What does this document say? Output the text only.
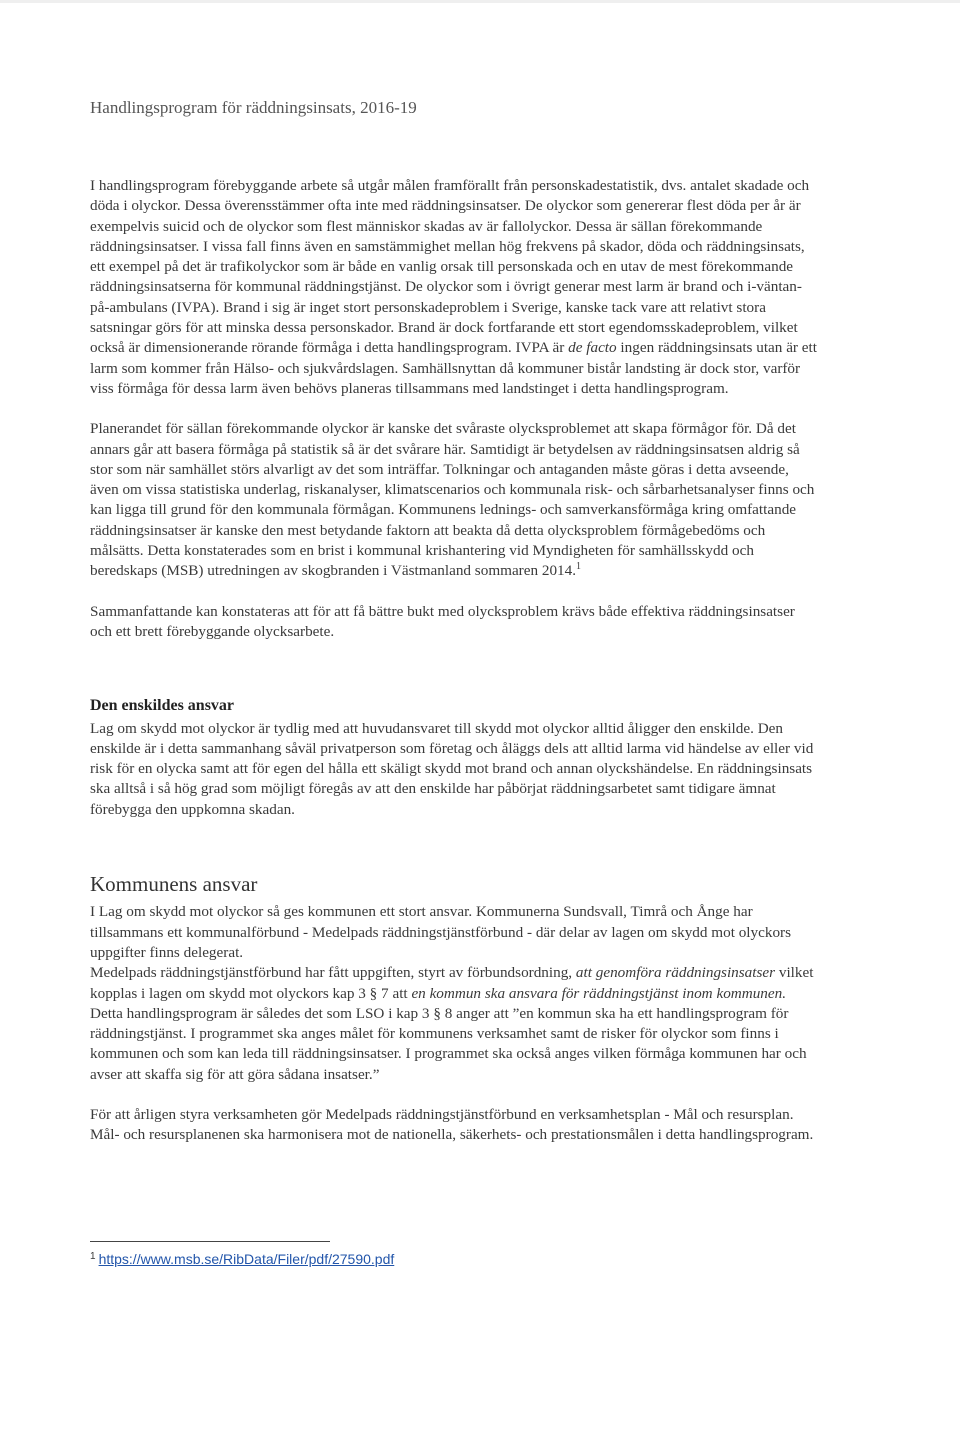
Handlingsprogram för räddningsinsats, 2016-19

I handlingsprogram förebyggande arbete så utgår målen framförallt från personskadestatistik, dvs. antalet skadade och döda i olyckor. Dessa överensstämmer ofta inte med räddningsinsatser. De olyckor som genererar flest döda per år är exempelvis suicid och de olyckor som flest människor skadas av är fallolyckor. Dessa är sällan förekommande räddningsinsatser. I vissa fall finns även en samstämmighet mellan hög frekvens på skador, döda och räddningsinsats, ett exempel på det är trafikolyckor som är både en vanlig orsak till personskada och en utav de mest förekommande räddningsinsatserna för kommunal räddningstjänst. De olyckor som i övrigt generar mest larm är brand och i-väntan-på-ambulans (IVPA). Brand i sig är inget stort personskadeproblem i Sverige, kanske tack vare att relativt stora satsningar görs för att minska dessa personskador. Brand är dock fortfarande ett stort egendomsskadeproblem, vilket också är dimensionerande rörande förmåga i detta handlingsprogram. IVPA är de facto ingen räddningsinsats utan är ett larm som kommer från Hälso- och sjukvårdslagen. Samhällsnyttan då kommuner bistår landsting är dock stor, varför viss förmåga för dessa larm även behövs planeras tillsammans med landstinget i detta handlingsprogram.

Planerandet för sällan förekommande olyckor är kanske det svåraste olycksproblemet att skapa förmågor för. Då det annars går att basera förmåga på statistik så är det svårare här. Samtidigt är betydelsen av räddningsinsatsen aldrig så stor som när samhället störs alvarligt av det som inträffar. Tolkningar och antaganden måste göras i detta avseende, även om vissa statistiska underlag, riskanalyser, klimatscenarios och kommunala risk- och sårbarhetsanalyser finns och kan ligga till grund för den kommunala förmågan. Kommunens lednings- och samverkansförmåga kring omfattande räddningsinsatser är kanske den mest betydande faktorn att beakta då detta olycksproblem förmågebedöms och målsätts. Detta konstaterades som en brist i kommunal krishantering vid Myndigheten för samhällsskydd och beredskaps (MSB) utredningen av skogbranden i Västmanland sommaren 2014.$^1$

Sammanfattande kan konstateras att för att få bättre bukt med olycksproblem krävs både effektiva räddningsinsatser och ett brett förebyggande olycksarbete.

Den enskildes ansvar

Lag om skydd mot olyckor är tydlig med att huvudansvaret till skydd mot olyckor alltid åligger den enskilde. Den enskilde är i detta sammanhang såväl privatperson som företag och åläggs dels att alltid larma vid händelse av eller vid risk för en olycka samt att för egen del hålla ett skäligt skydd mot brand och annan olyckshändelse. En räddningsinsats ska alltså i så hög grad som möjligt föregås av att den enskilde har påbörjat räddningsarbetet samt tidigare ämnat förebygga den uppkomna skadan.

Kommunens ansvar

I Lag om skydd mot olyckor så ges kommunen ett stort ansvar. Kommunerna Sundsvall, Timrå och Ånge har tillsammans ett kommunalförbund - Medelpads räddningstjänstförbund - där delar av lagen om skydd mot olyckors uppgifter finns delegerat.

Medelpads räddningstjänstförbund har fått uppgiften, styrt av förbundsordning, att genomföra räddningsinsatser vilket kopplas i lagen om skydd mot olyckors kap 3 § 7 att en kommun ska ansvara för räddningstjänst inom kommunen. Detta handlingsprogram är således det som LSO i kap 3 § 8 anger att ”en kommun ska ha ett handlingsprogram för räddningstjänst. I programmet ska anges målet för kommunens verksamhet samt de risker för olyckor som finns i kommunen och som kan leda till räddningsinsatser. I programmet ska också anges vilken förmåga kommunen har och avser att skaffa sig för att göra sådana insatser.”

För att årligen styra verksamheten gör Medelpads räddningstjänstförbund en verksamhetsplan - Mål och resursplan. Mål- och resursplanenen ska harmonisera mot de nationella, säkerhets- och prestationsmålen i detta handlingsprogram.

$^1$ https://www.msb.se/RibData/Filer/pdf/27590.pdf
